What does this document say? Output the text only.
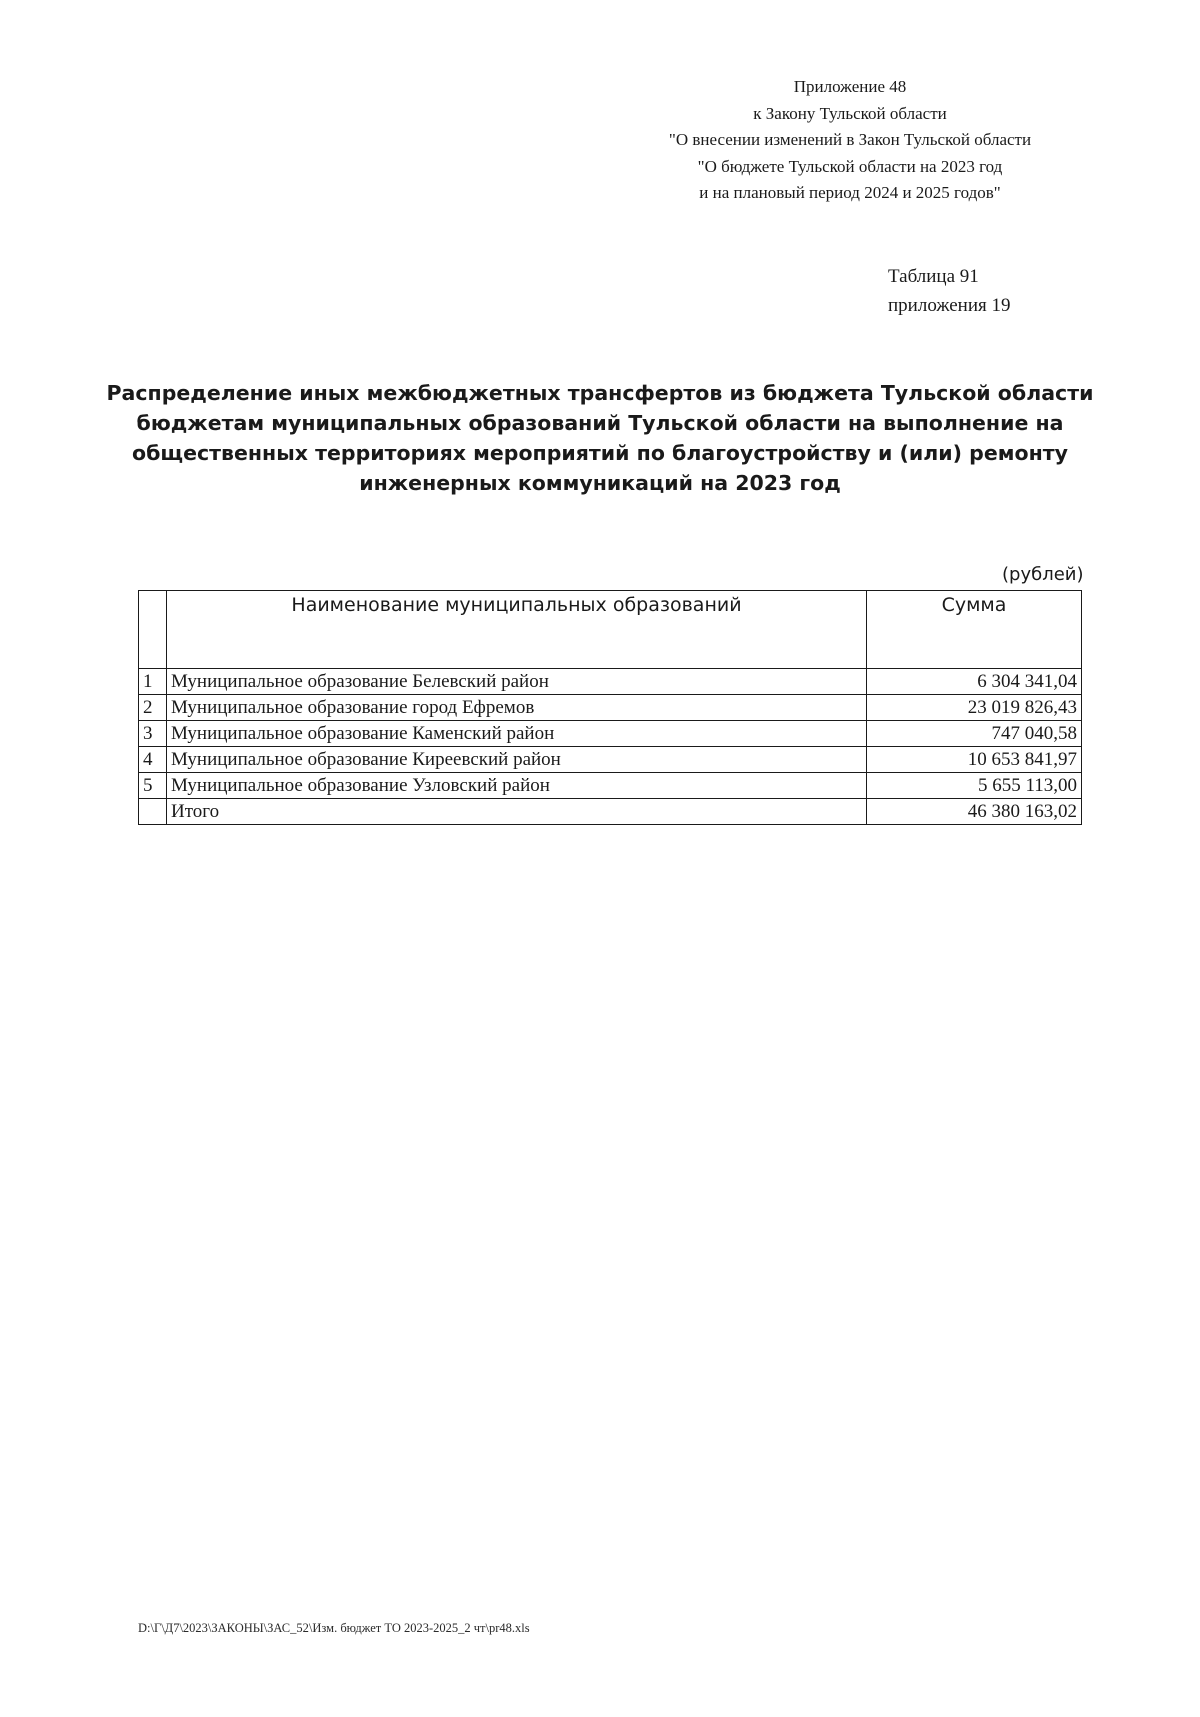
Приложение 48
к Закону Тульской области
"О внесении изменений в Закон Тульской области
"О бюджете Тульской области на 2023 год
и на плановый период 2024 и 2025 годов"
Таблица 91
приложения 19
Распределение иных межбюджетных трансфертов из бюджета Тульской области
бюджетам муниципальных образований Тульской области на выполнение на
общественных территориях мероприятий по благоустройству и (или) ремонту
инженерных коммуникаций на 2023 год
(рублей)
	Наименование муниципальных образований	Сумма
1	Муниципальное образование Белевский район	6 304 341,04
2	Муниципальное образование город Ефремов	23 019 826,43
3	Муниципальное образование Каменский район	747 040,58
4	Муниципальное образование Киреевский район	10 653 841,97
5	Муниципальное образование Узловский район	5 655 113,00
	Итого	46 380 163,02
D:\Г\Д7\2023\ЗАКОНЫ\ЗАС_52\Изм. бюджет ТО 2023-2025_2 чт\pr48.xls
